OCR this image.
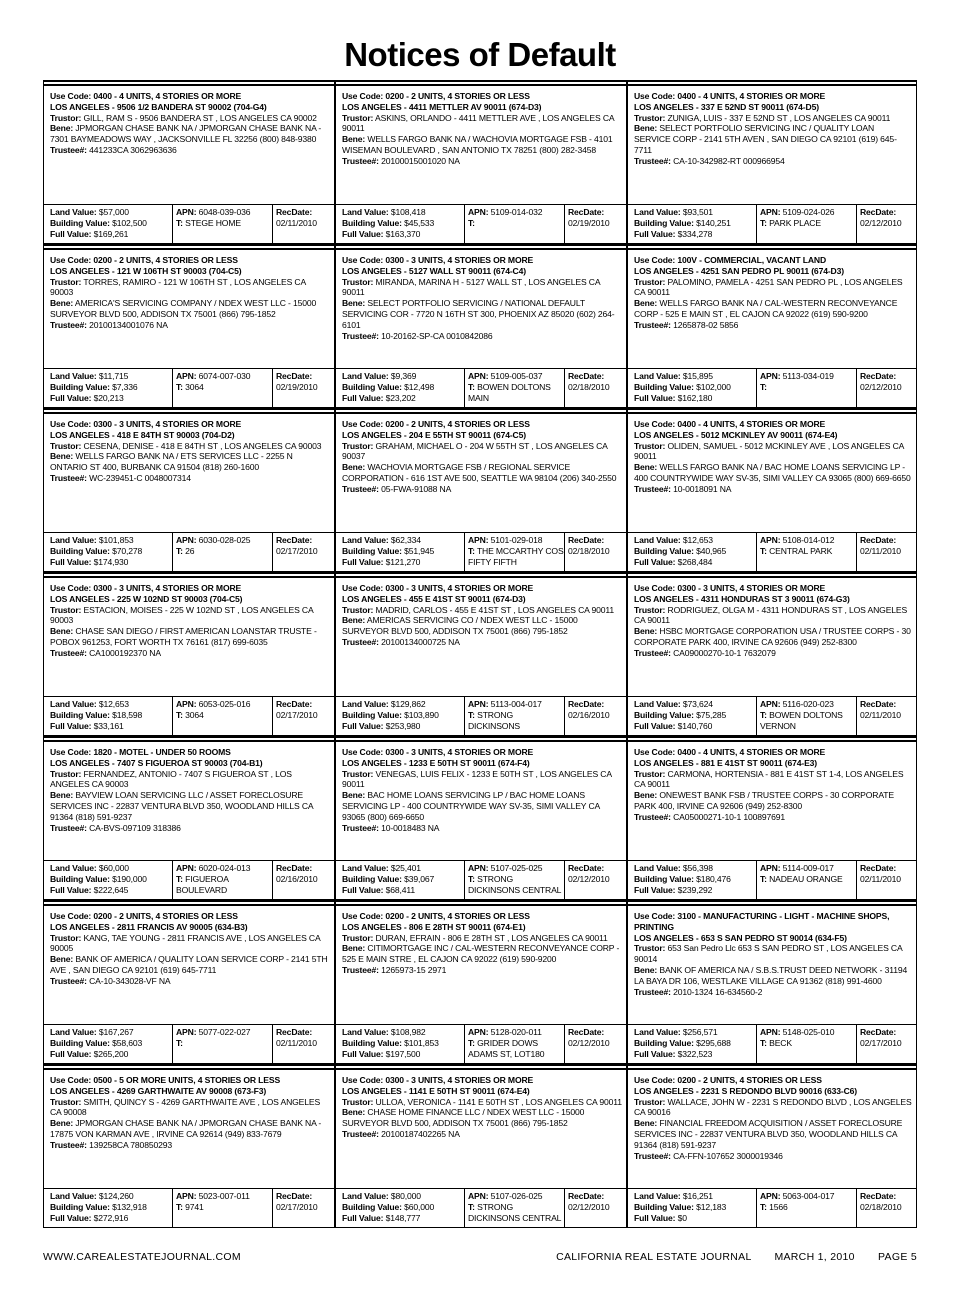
Notices of Default
Use Code: 0400 - 4 UNITS, 4 STORIES OR MORE
LOS ANGELES - 9506 1/2 BANDERA ST 90002 (704-G4)
Trustor: GILL, RAM S - 9506 BANDERA ST , LOS ANGELES CA 90002
Bene: JPMORGAN CHASE BANK NA / JPMORGAN CHASE BANK NA - 7301 BAYMEADOWS WAY , JACKSONVILLE FL 32256 (800) 848-9380
Trustee#: 441233CA 3062963636
Land Value: $57,000
Building Value: $102,500
Full Value: $169,261
APN: 6048-039-036
T: STEGE HOME
RecDate:
02/11/2010
Use Code: 0200 - 2 UNITS, 4 STORIES OR LESS
LOS ANGELES - 4411 METTLER AV 90011 (674-D3)
Trustor: ASKINS, ORLANDO - 4411 METTLER AVE , LOS ANGELES CA 90011
Bene: WELLS FARGO BANK NA / WACHOVIA MORTGAGE FSB - 4101 WISEMAN BOULEVARD , SAN ANTONIO TX 78251 (800) 282-3458
Trustee#: 20100015001020 NA
Land Value: $108,418
Building Value: $45,533
Full Value: $163,370
APN: 5109-014-032
T:
RecDate:
02/19/2010
Use Code: 0400 - 4 UNITS, 4 STORIES OR MORE
LOS ANGELES - 337 E 52ND ST 90011 (674-D5)
Trustor: ZUNIGA, LUIS - 337 E 52ND ST , LOS ANGELES CA 90011
Bene: SELECT PORTFOLIO SERVICING INC / QUALITY LOAN SERVICE CORP - 2141 5TH AVEN , SAN DIEGO CA 92101 (619) 645-7711
Trustee#: CA-10-342982-RT 000966954
Land Value: $93,501
Building Value: $140,251
Full Value: $334,278
APN: 5109-024-026
T: PARK PLACE
RecDate:
02/12/2010
Use Code: 0200 - 2 UNITS, 4 STORIES OR LESS
LOS ANGELES - 121 W 106TH ST 90003 (704-C5)
Trustor: TORRES, RAMIRO - 121 W 106TH ST , LOS ANGELES CA 90003
Bene: AMERICA'S SERVICING COMPANY / NDEX WEST LLC - 15000 SURVEYOR BLVD 500, ADDISON TX 75001 (866) 795-1852
Trustee#: 20100134001076 NA
Land Value: $11,715
Building Value: $7,336
Full Value: $20,213
APN: 6074-007-030
T: 3064
RecDate:
02/19/2010
Use Code: 0300 - 3 UNITS, 4 STORIES OR MORE
LOS ANGELES - 5127 WALL ST 90011 (674-C4)
Trustor: MIRANDA, MARINA H - 5127 WALL ST , LOS ANGELES CA 90011
Bene: SELECT PORTFOLIO SERVICING / NATIONAL DEFAULT SERVICING COR - 7720 N 16TH ST 300, PHOENIX AZ 85020 (602) 264-6101
Trustee#: 10-20162-SP-CA 0010842086
Land Value: $9,369
Building Value: $12,498
Full Value: $23,202
APN: 5109-005-037
T: BOWEN DOLTONS MAIN
RecDate:
02/18/2010
Use Code: 100V - COMMERCIAL, VACANT LAND
LOS ANGELES - 4251 SAN PEDRO PL 90011 (674-D3)
Trustor: PALOMINO, PAMELA - 4251 SAN PEDRO PL , LOS ANGELES CA 90011
Bene: WELLS FARGO BANK NA / CAL-WESTERN RECONVEYANCE CORP - 525 E MAIN ST , EL CAJON CA 92022 (619) 590-9200
Trustee#: 1265878-02 5856
Land Value: $15,895
Building Value: $102,000
Full Value: $162,180
APN: 5113-034-019
T:
RecDate:
02/12/2010
Use Code: 0300 - 3 UNITS, 4 STORIES OR MORE
LOS ANGELES - 418 E 84TH ST 90003 (704-D2)
Trustor: CESENA, DENISE - 418 E 84TH ST , LOS ANGELES CA 90003
Bene: WELLS FARGO BANK NA / ETS SERVICES LLC - 2255 N ONTARIO ST 400, BURBANK CA 91504 (818) 260-1600
Trustee#: WC-239451-C 0048007314
Land Value: $101,853
Building Value: $70,278
Full Value: $174,930
APN: 6030-028-025
T: 26
RecDate:
02/17/2010
Use Code: 0200 - 2 UNITS, 4 STORIES OR LESS
LOS ANGELES - 204 E 55TH ST 90011 (674-C5)
Trustor: GRAHAM, MICHAEL O - 204 W 55TH ST , LOS ANGELES CA 90037
Bene: WACHOVIA MORTGAGE FSB / REGIONAL SERVICE CORPORATION - 616 1ST AVE 500, SEATTLE WA 98104 (206) 340-2550
Trustee#: 05-FWA-91088 NA
Land Value: $62,334
Building Value: $51,945
Full Value: $121,270
APN: 5101-029-018
T: THE MCCARTHY COS FIFTY FIFTH
RecDate:
02/18/2010
Use Code: 0400 - 4 UNITS, 4 STORIES OR MORE
LOS ANGELES - 5012 MCKINLEY AV 90011 (674-E4)
Trustor: OLIDEN, SAMUEL - 5012 MCKINLEY AVE , LOS ANGELES CA 90011
Bene: WELLS FARGO BANK NA / BAC HOME LOANS SERVICING LP - 400 COUNTRYWIDE WAY SV-35, SIMI VALLEY CA 93065 (800) 669-6650
Trustee#: 10-0018091 NA
Land Value: $12,653
Building Value: $40,965
Full Value: $268,484
APN: 5108-014-012
T: CENTRAL PARK
RecDate:
02/11/2010
Use Code: 0300 - 3 UNITS, 4 STORIES OR MORE
LOS ANGELES - 225 W 102ND ST 90003 (704-C5)
Trustor: ESTACION, MOISES - 225 W 102ND ST , LOS ANGELES CA 90003
Bene: CHASE SAN DIEGO / FIRST AMERICAN LOANSTAR TRUSTE - POBOX 961253, FORT WORTH TX 76161 (817) 699-6035
Trustee#: CA1000192370 NA
Land Value: $12,653
Building Value: $18,598
Full Value: $33,161
APN: 6053-025-016
T: 3064
RecDate:
02/17/2010
Use Code: 0300 - 3 UNITS, 4 STORIES OR MORE
LOS ANGELES - 455 E 41ST ST 90011 (674-D3)
Trustor: MADRID, CARLOS - 455 E 41ST ST , LOS ANGELES CA 90011
Bene: AMERICAS SERVICING CO / NDEX WEST LLC - 15000 SURVEYOR BLVD 500, ADDISON TX 75001 (866) 795-1852
Trustee#: 20100134000725 NA
Land Value: $129,862
Building Value: $103,890
Full Value: $253,980
APN: 5113-004-017
T: STRONG DICKINSONS
RecDate:
02/16/2010
Use Code: 0300 - 3 UNITS, 4 STORIES OR MORE
LOS ANGELES - 4311 HONDURAS ST 3 90011 (674-G3)
Trustor: RODRIGUEZ, OLGA M - 4311 HONDURAS ST , LOS ANGELES CA 90011
Bene: HSBC MORTGAGE CORPORATION USA / TRUSTEE CORPS - 30 CORPORATE PARK 400, IRVINE CA 92606 (949) 252-8300
Trustee#: CA09000270-10-1 7632079
Land Value: $73,624
Building Value: $75,285
Full Value: $140,760
APN: 5116-020-023
T: BOWEN DOLTONS VERNON
RecDate:
02/11/2010
Use Code: 1820 - MOTEL - UNDER 50 ROOMS
LOS ANGELES - 7407 S FIGUEROA ST 90003 (704-B1)
Trustor: FERNANDEZ, ANTONIO - 7407 S FIGUEROA ST , LOS ANGELES CA 90003
Bene: BAYVIEW LOAN SERVICING LLC / ASSET FORECLOSURE SERVICES INC - 22837 VENTURA BLVD 350, WOODLAND HILLS CA 91364 (818) 591-9237
Trustee#: CA-BVS-097109 318386
Land Value: $60,000
Building Value: $190,000
Full Value: $222,645
APN: 6020-024-013
T: FIGUEROA BOULEVARD
RecDate:
02/16/2010
Use Code: 0300 - 3 UNITS, 4 STORIES OR MORE
LOS ANGELES - 1233 E 50TH ST 90011 (674-F4)
Trustor: VENEGAS, LUIS FELIX - 1233 E 50TH ST , LOS ANGELES CA 90011
Bene: BAC HOME LOANS SERVICING LP / BAC HOME LOANS SERVICING LP - 400 COUNTRYWIDE WAY SV-35, SIMI VALLEY CA 93065 (800) 669-6650
Trustee#: 10-0018483 NA
Land Value: $25,401
Building Value: $39,067
Full Value: $68,411
APN: 5107-025-025
T: STRONG DICKINSONS CENTRAL
RecDate:
02/12/2010
Use Code: 0400 - 4 UNITS, 4 STORIES OR MORE
LOS ANGELES - 881 E 41ST ST 90011 (674-E3)
Trustor: CARMONA, HORTENSIA - 881 E 41ST ST 1-4, LOS ANGELES CA 90011
Bene: ONEWEST BANK FSB / TRUSTEE CORPS - 30 CORPORATE PARK 400, IRVINE CA 92606 (949) 252-8300
Trustee#: CA05000271-10-1 100897691
Land Value: $56,398
Building Value: $180,476
Full Value: $239,292
APN: 5114-009-017
T: NADEAU ORANGE
RecDate:
02/11/2010
Use Code: 0200 - 2 UNITS, 4 STORIES OR LESS
LOS ANGELES - 2811 FRANCIS AV 90005 (634-B3)
Trustor: KANG, TAE YOUNG - 2811 FRANCIS AVE , LOS ANGELES CA 90005
Bene: BANK OF AMERICA / QUALITY LOAN SERVICE CORP - 2141 5TH AVE , SAN DIEGO CA 92101 (619) 645-7711
Trustee#: CA-10-343028-VF NA
Land Value: $167,267
Building Value: $58,603
Full Value: $265,200
APN: 5077-022-027
T:
RecDate:
02/11/2010
Use Code: 0200 - 2 UNITS, 4 STORIES OR LESS
LOS ANGELES - 806 E 28TH ST 90011 (674-E1)
Trustor: DURAN, EFRAIN - 806 E 28TH ST , LOS ANGELES CA 90011
Bene: CITIMORTGAGE INC / CAL-WESTERN RECONVEYANCE CORP - 525 E MAIN STRE , EL CAJON CA 92022 (619) 590-9200
Trustee#: 1265973-15 2971
Land Value: $108,982
Building Value: $101,853
Full Value: $197,500
APN: 5128-020-011
T: GRIDER DOWS ADAMS ST, LOT180
RecDate:
02/12/2010
Use Code: 3100 - MANUFACTURING - LIGHT - MACHINE SHOPS, PRINTING
LOS ANGELES - 653 S SAN PEDRO ST 90014 (634-F5)
Trustor: 653 San Pedro Llc 653 S SAN PEDRO ST , LOS ANGELES CA 90014
Bene: BANK OF AMERICA NA / S.B.S.TRUST DEED NETWORK - 31194 LA BAYA DR 106, WESTLAKE VILLAGE CA 91362 (818) 991-4600
Trustee#: 2010-1324 16-634560-2
Land Value: $256,571
Building Value: $295,688
Full Value: $322,523
APN: 5148-025-010
T: BECK
RecDate:
02/17/2010
Use Code: 0500 - 5 OR MORE UNITS, 4 STORIES OR LESS
LOS ANGELES - 4269 GARTHWAITE AV 90008 (673-F3)
Trustor: SMITH, QUINCY S - 4269 GARTHWAITE AVE , LOS ANGELES CA 90008
Bene: JPMORGAN CHASE BANK NA / JPMORGAN CHASE BANK NA - 17875 VON KARMAN AVE , IRVINE CA 92614 (949) 833-7679
Trustee#: 139258CA 780850293
Land Value: $124,260
Building Value: $132,918
Full Value: $272,916
APN: 5023-007-011
T: 9741
RecDate:
02/17/2010
Use Code: 0300 - 3 UNITS, 4 STORIES OR MORE
LOS ANGELES - 1141 E 50TH ST 90011 (674-E4)
Trustor: ULLOA, VERONICA - 1141 E 50TH ST , LOS ANGELES CA 90011
Bene: CHASE HOME FINANCE LLC / NDEX WEST LLC - 15000 SURVEYOR BLVD 500, ADDISON TX 75001 (866) 795-1852
Trustee#: 20100187402265 NA
Land Value: $80,000
Building Value: $60,000
Full Value: $148,777
APN: 5107-026-025
T: STRONG DICKINSONS CENTRAL
RecDate:
02/12/2010
Use Code: 0200 - 2 UNITS, 4 STORIES OR LESS
LOS ANGELES - 2231 S REDONDO BLVD 90016 (633-C6)
Trustor: WALLACE, JOHN W - 2231 S REDONDO BLVD , LOS ANGELES CA 90016
Bene: FINANCIAL FREEDOM ACQUISITION / ASSET FORECLOSURE SERVICES INC - 22837 VENTURA BLVD 350, WOODLAND HILLS CA 91364 (818) 591-9237
Trustee#: CA-FFN-107652 3000019346
Land Value: $16,251
Building Value: $12,183
Full Value: $0
APN: 5063-004-017
T: 1566
RecDate:
02/18/2010
WWW.CAREALESTATEJOURNAL.COM	CALIFORNIA REAL ESTATE JOURNAL MARCH 1, 2010 PAGE 5
